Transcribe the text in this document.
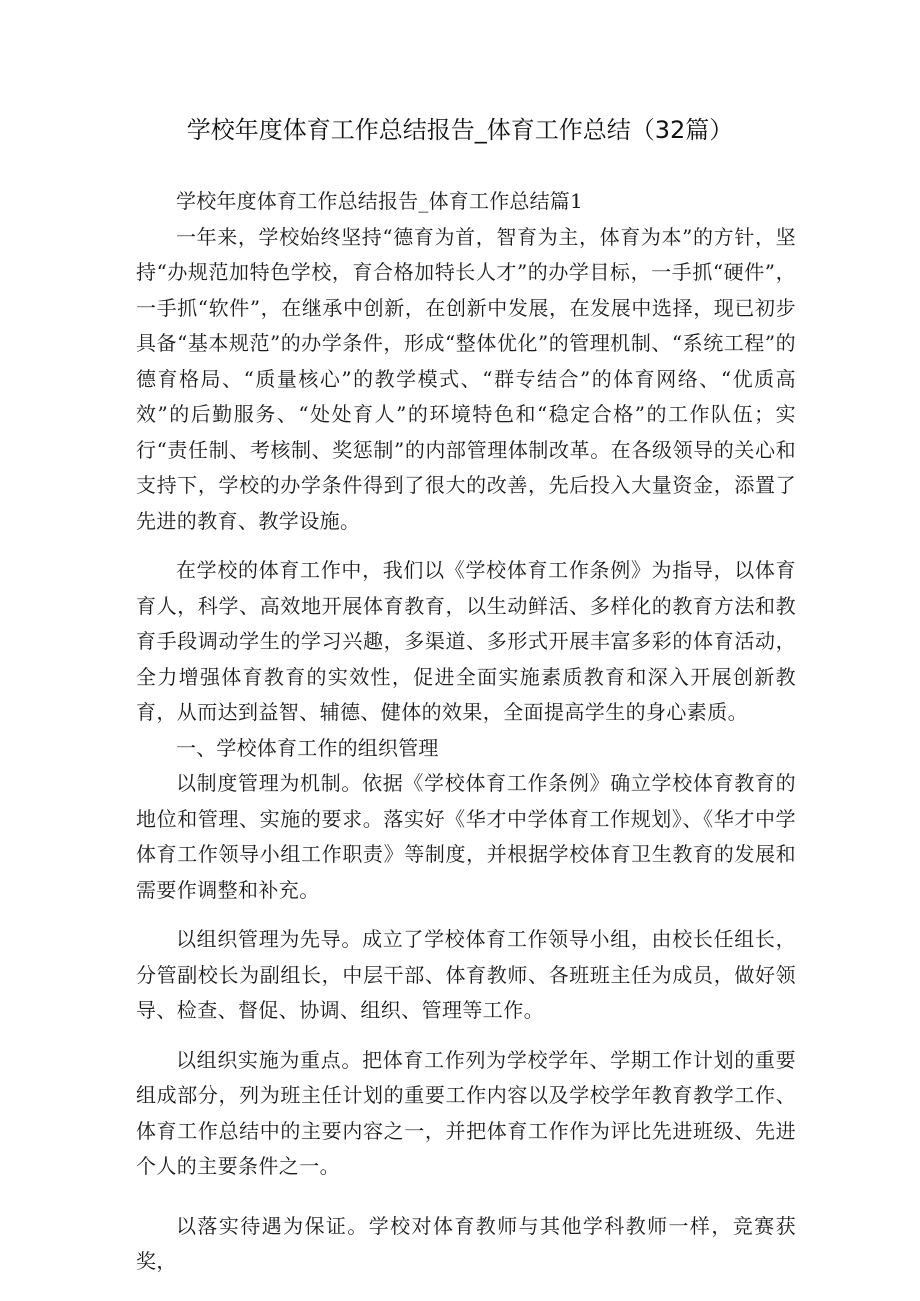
学校年度体育工作总结报告_体育工作总结（32篇）

学校年度体育工作总结报告_体育工作总结篇1

一年来，学校始终坚持“德育为首，智育为主，体育为本”的方针，坚持“办规范加特色学校，育合格加特长人才”的办学目标，一手抓“硬件”，一手抓“软件”，在继承中创新，在创新中发展，在发展中选择，现已初步具备“基本规范”的办学条件，形成“整体优化”的管理机制、“系统工程”的德育格局、“质量核心”的教学模式、“群专结合”的体育网络、“优质高效”的后勤服务、“处处育人”的环境特色和“稳定合格”的工作队伍；实行“责任制、考核制、奖惩制”的内部管理体制改革。在各级领导的关心和支持下，学校的办学条件得到了很大的改善，先后投入大量资金，添置了先进的教育、教学设施。

在学校的体育工作中，我们以《学校体育工作条例》为指导，以体育育人，科学、高效地开展体育教育，以生动鲜活、多样化的教育方法和教育手段调动学生的学习兴趣，多渠道、多形式开展丰富多彩的体育活动，全力增强体育教育的实效性，促进全面实施素质教育和深入开展创新教育，从而达到益智、辅德、健体的效果，全面提高学生的身心素质。

一、学校体育工作的组织管理

以制度管理为机制。依据《学校体育工作条例》确立学校体育教育的地位和管理、实施的要求。落实好《华才中学体育工作规划》、《华才中学体育工作领导小组工作职责》等制度，并根据学校体育卫生教育的发展和需要作调整和补充。

以组织管理为先导。成立了学校体育工作领导小组，由校长任组长，分管副校长为副组长，中层干部、体育教师、各班班主任为成员，做好领导、检查、督促、协调、组织、管理等工作。

以组织实施为重点。把体育工作列为学校学年、学期工作计划的重要组成部分，列为班主任计划的重要工作内容以及学校学年教育教学工作、体育工作总结中的主要内容之一，并把体育工作作为评比先进班级、先进个人的主要条件之一。

以落实待遇为保证。学校对体育教师与其他学科教师一样，竞赛获奖，
